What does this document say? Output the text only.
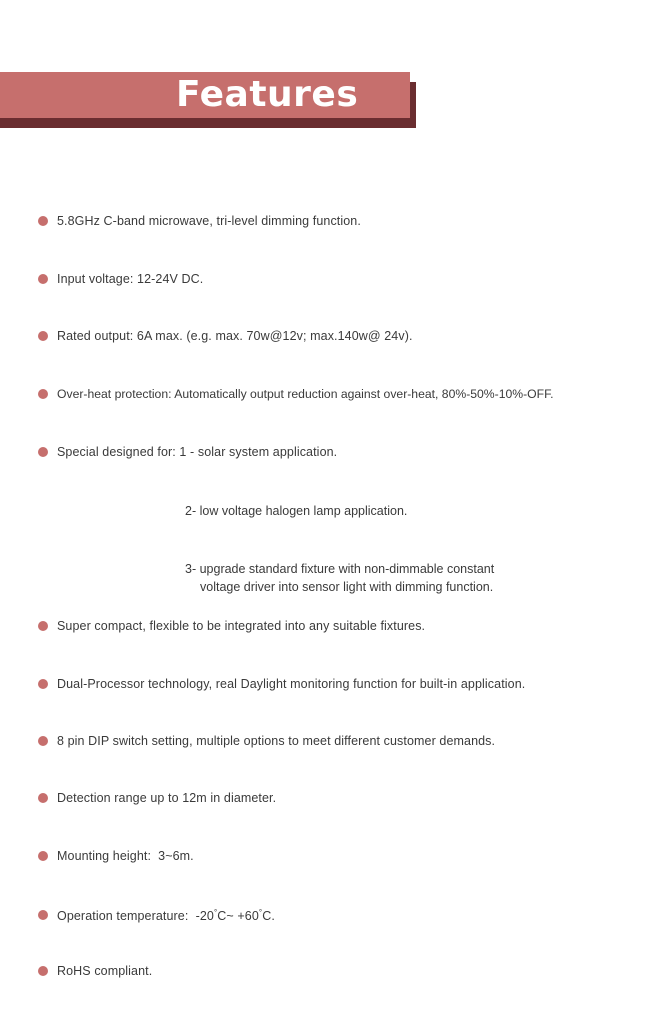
Features
5.8GHz C-band microwave, tri-level dimming function.
Input voltage: 12-24V DC.
Rated output: 6A max. (e.g. max. 70w@12v; max.140w@ 24v).
Over-heat protection: Automatically output reduction against over-heat, 80%-50%-10%-OFF.
Special designed for: 1 - solar system application.
2- low voltage halogen lamp application.
3- upgrade standard fixture with non-dimmable constant
voltage driver into sensor light with dimming function.
Super compact, flexible to be integrated into any suitable fixtures.
Dual-Processor technology, real Daylight monitoring function for built-in application.
8 pin DIP switch setting, multiple options to meet different customer demands.
Detection range up to 12m in diameter.
Mounting height:  3~6m.
Operation temperature:  -20°C~ +60°C.
RoHS compliant.
